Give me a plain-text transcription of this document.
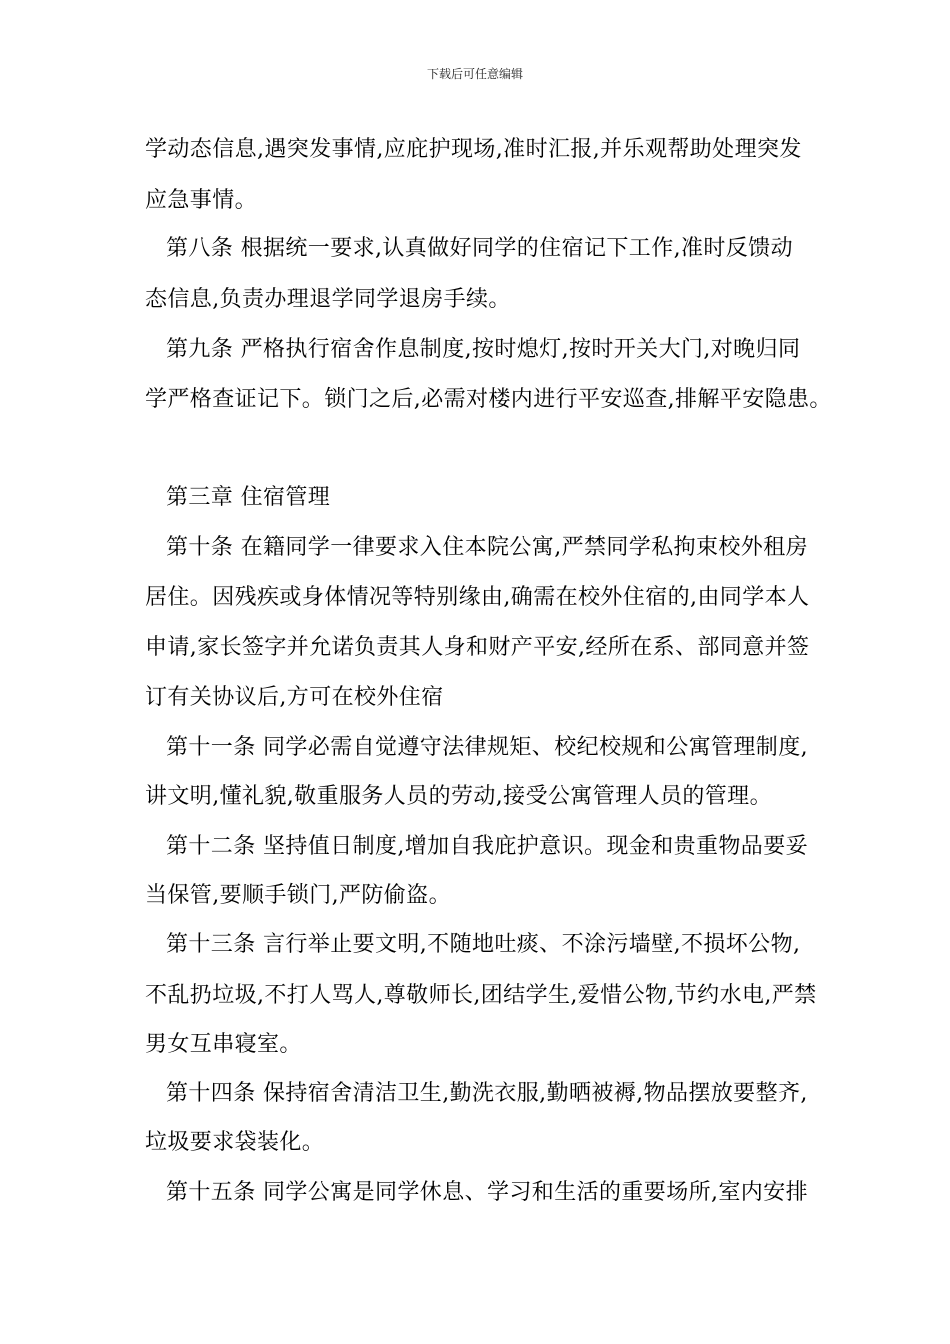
下载后可任意编辑
学动态信息,遇突发事情,应庇护现场,准时汇报,并乐观帮助处理突发
应急事情。
第八条 根据统一要求,认真做好同学的住宿记下工作,准时反馈动
态信息,负责办理退学同学退房手续。
第九条 严格执行宿舍作息制度,按时熄灯,按时开关大门,对晚归同
学严格查证记下。锁门之后,必需对楼内进行平安巡查,排解平安隐患。
第三章 住宿管理
第十条 在籍同学一律要求入住本院公寓,严禁同学私拘束校外租房
居住。因残疾或身体情况等特别缘由,确需在校外住宿的,由同学本人
申请,家长签字并允诺负责其人身和财产平安,经所在系、部同意并签
订有关协议后,方可在校外住宿
第十一条 同学必需自觉遵守法律规矩、校纪校规和公寓管理制度,
讲文明,懂礼貌,敬重服务人员的劳动,接受公寓管理人员的管理。
第十二条 坚持值日制度,增加自我庇护意识。现金和贵重物品要妥
当保管,要顺手锁门,严防偷盗。
第十三条 言行举止要文明,不随地吐痰、不涂污墙壁,不损坏公物,
不乱扔垃圾,不打人骂人,尊敬师长,团结学生,爱惜公物,节约水电,严禁
男女互串寝室。
第十四条 保持宿舍清洁卫生,勤洗衣服,勤晒被褥,物品摆放要整齐,
垃圾要求袋装化。
第十五条 同学公寓是同学休息、学习和生活的重要场所,室内安排
